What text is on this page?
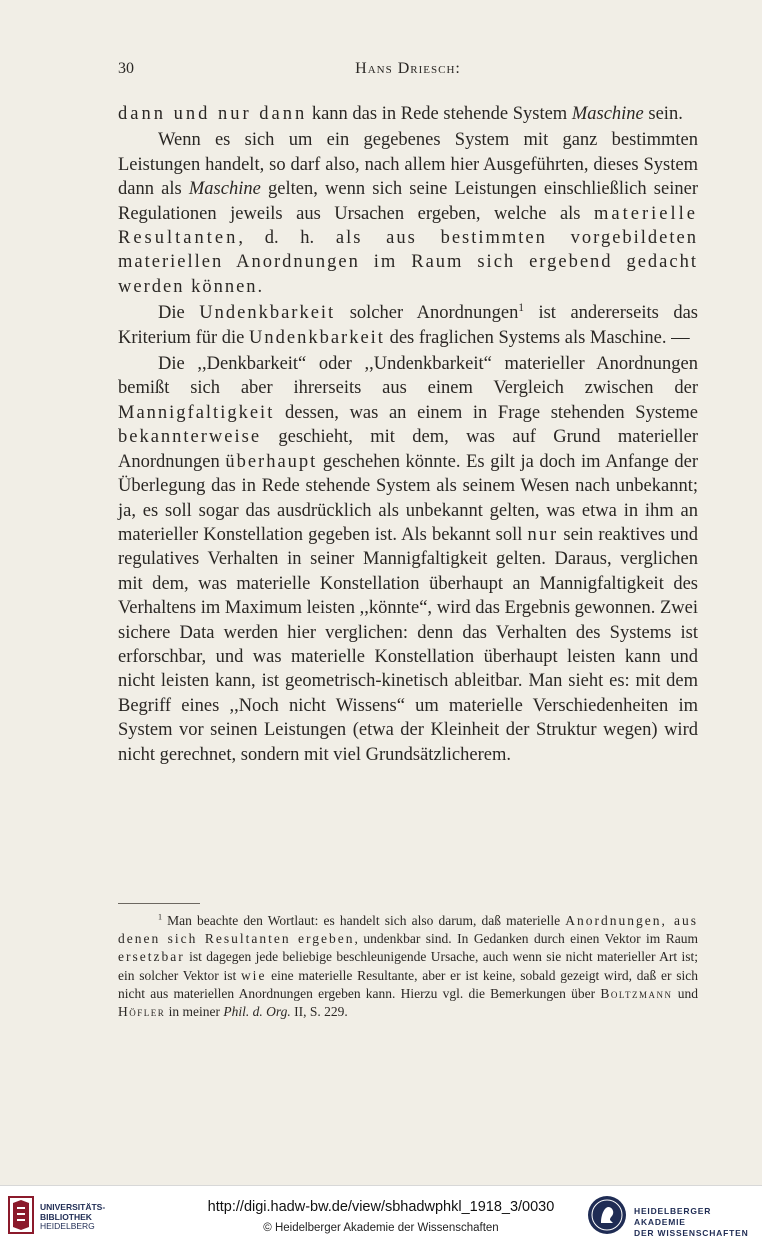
30	Hans Driesch:

dann und nur dann kann das in Rede stehende System Maschine sein.

Wenn es sich um ein gegebenes System mit ganz bestimmten Leistungen handelt, so darf also, nach allem hier Ausgeführten, dieses System dann als Maschine gelten, wenn sich seine Leistungen einschließlich seiner Regulationen jeweils aus Ursachen ergeben, welche als materielle Resultanten, d. h. als aus bestimmten vorgebildeten materiellen Anordnungen im Raum sich ergebend gedacht werden können.

Die Undenkbarkeit solcher Anordnungen$^1$ ist andererseits das Kriterium für die Undenkbarkeit des fraglichen Systems als Maschine. —

Die ,,Denkbarkeit“ oder ,,Undenkbarkeit“ materieller Anordnungen bemißt sich aber ihrerseits aus einem Vergleich zwischen der Mannigfaltigkeit dessen, was an einem in Frage stehenden Systeme bekannterweise geschieht, mit dem, was auf Grund materieller Anordnungen überhaupt geschehen könnte. Es gilt ja doch im Anfange der Überlegung das in Rede stehende System als seinem Wesen nach unbekannt; ja, es soll sogar das ausdrücklich als unbekannt gelten, was etwa in ihm an materieller Konstellation gegeben ist. Als bekannt soll nur sein reaktives und regulatives Verhalten in seiner Mannigfaltigkeit gelten. Daraus, verglichen mit dem, was materielle Konstellation überhaupt an Mannigfaltigkeit des Verhaltens im Maximum leisten ,,könnte“, wird das Ergebnis gewonnen. Zwei sichere Data werden hier verglichen: denn das Verhalten des Systems ist erforschbar, und was materielle Konstellation überhaupt leisten kann und nicht leisten kann, ist geometrisch-kinetisch ableitbar. Man sieht es: mit dem Begriff eines ,,Noch nicht Wissens“ um materielle Verschiedenheiten im System vor seinen Leistungen (etwa der Kleinheit der Struktur wegen) wird nicht gerechnet, sondern mit viel Grundsätzlicherem.

$^1$ Man beachte den Wortlaut: es handelt sich also darum, daß materielle Anordnungen, aus denen sich Resultanten ergeben, undenkbar sind. In Gedanken durch einen Vektor im Raum ersetzbar ist dagegen jede beliebige beschleunigende Ursache, auch wenn sie nicht materieller Art ist; ein solcher Vektor ist wie eine materielle Resultante, aber er ist keine, sobald gezeigt wird, daß er sich nicht aus materiellen Anordnungen ergeben kann. Hierzu vgl. die Bemerkungen über Boltzmann und Höfler in meiner Phil. d. Org. II, S. 229.

UNIVERSITÄTS-
BIBLIOTHEK
HEIDELBERG
http://digi.hadw-bw.de/view/sbhadwphkl_1918_3/0030
© Heidelberger Akademie der Wissenschaften
HEIDELBERGER AKADEMIE
DER WISSENSCHAFTEN
